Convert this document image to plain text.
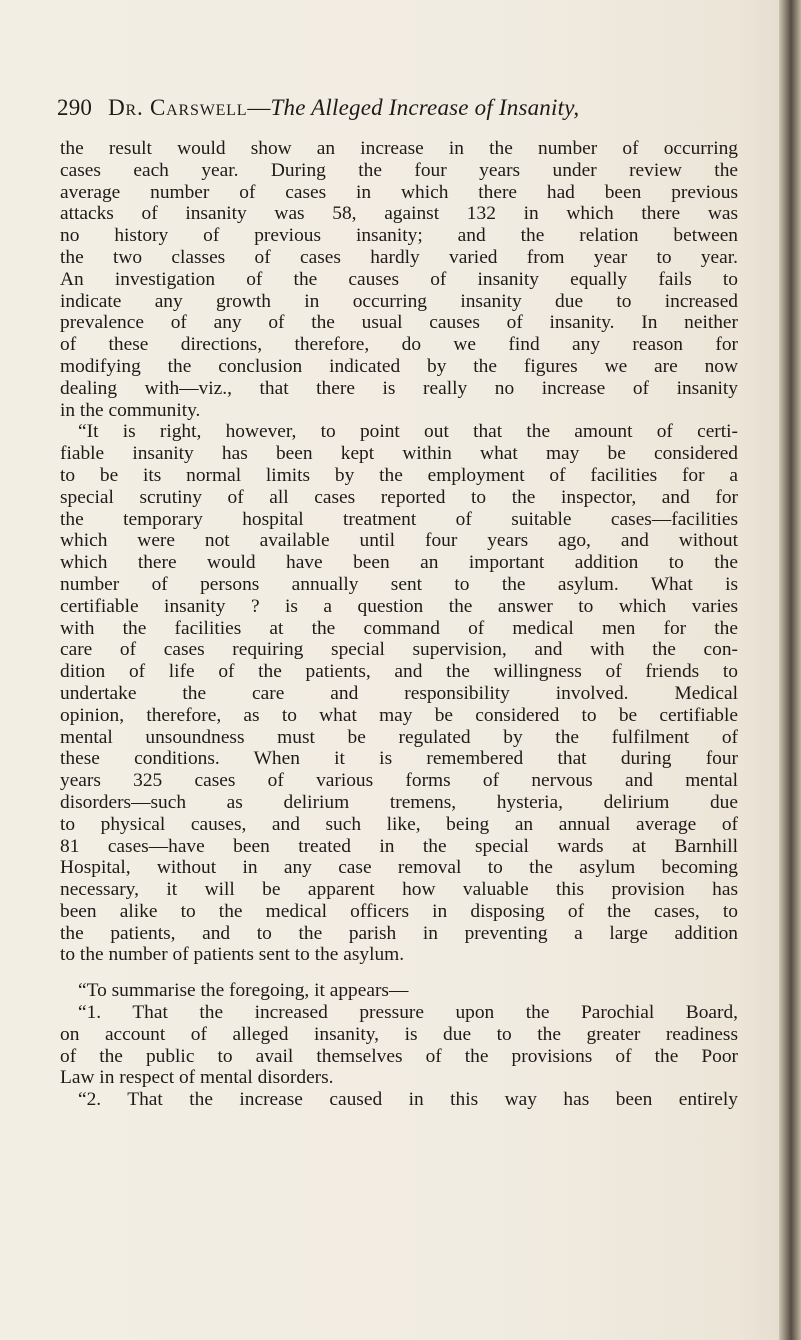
290 Dr. Carswell—The Alleged Increase of Insanity,
the result would show an increase in the number of occurring
cases each year. During the four years under review the
average number of cases in which there had been previous
attacks of insanity was 58, against 132 in which there was
no history of previous insanity; and the relation between
the two classes of cases hardly varied from year to year.
An investigation of the causes of insanity equally fails to
indicate any growth in occurring insanity due to increased
prevalence of any of the usual causes of insanity. In neither
of these directions, therefore, do we find any reason for
modifying the conclusion indicated by the figures we are now
dealing with—viz., that there is really no increase of insanity
in the community.
“It is right, however, to point out that the amount of certi-
fiable insanity has been kept within what may be considered
to be its normal limits by the employment of facilities for a
special scrutiny of all cases reported to the inspector, and for
the temporary hospital treatment of suitable cases—facilities
which were not available until four years ago, and without
which there would have been an important addition to the
number of persons annually sent to the asylum. What is
certifiable insanity ? is a question the answer to which varies
with the facilities at the command of medical men for the
care of cases requiring special supervision, and with the con-
dition of life of the patients, and the willingness of friends to
undertake the care and responsibility involved. Medical
opinion, therefore, as to what may be considered to be certifiable
mental unsoundness must be regulated by the fulfilment of
these conditions. When it is remembered that during four
years 325 cases of various forms of nervous and mental
disorders—such as delirium tremens, hysteria, delirium due
to physical causes, and such like, being an annual average of
81 cases—have been treated in the special wards at Barnhill
Hospital, without in any case removal to the asylum becoming
necessary, it will be apparent how valuable this provision has
been alike to the medical officers in disposing of the cases, to
the patients, and to the parish in preventing a large addition
to the number of patients sent to the asylum.
“To summarise the foregoing, it appears—
“1. That the increased pressure upon the Parochial Board,
on account of alleged insanity, is due to the greater readiness
of the public to avail themselves of the provisions of the Poor
Law in respect of mental disorders.
“2. That the increase caused in this way has been entirely
